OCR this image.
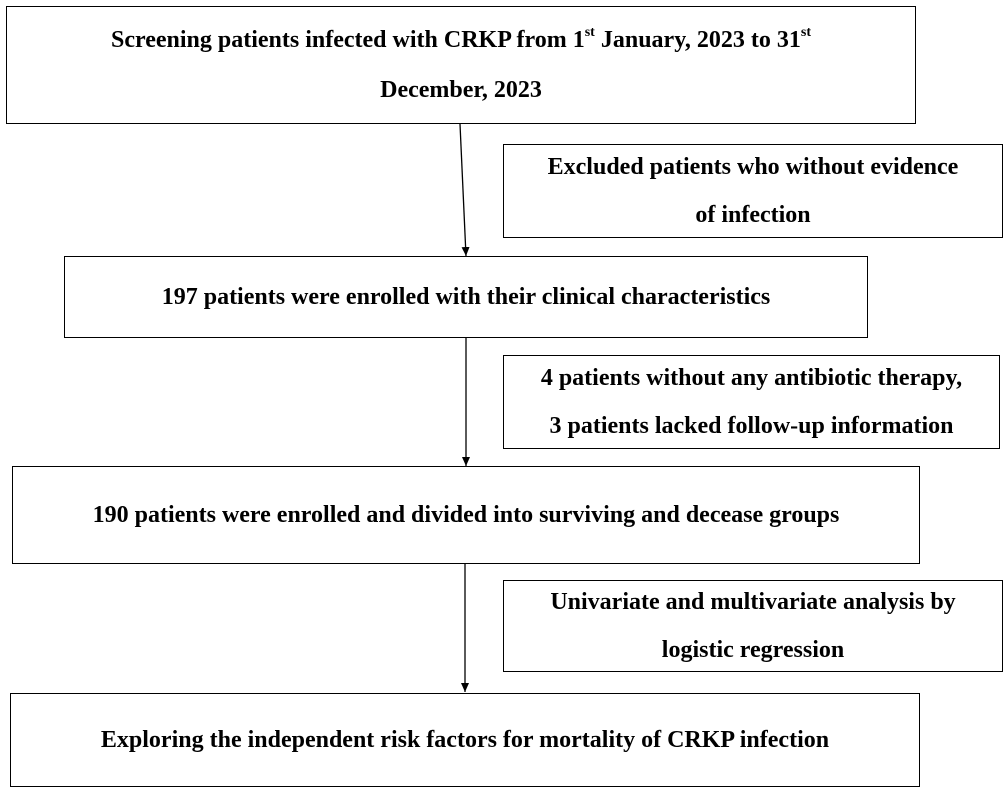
Screening patients infected with CRKP from 1st January, 2023 to 31st
December, 2023
Excluded patients who without evidence
of infection
197 patients were enrolled with their clinical characteristics
4 patients without any antibiotic therapy,
3 patients lacked follow-up information
190 patients were enrolled and divided into surviving and decease groups
Univariate and multivariate analysis by
logistic regression
Exploring the independent risk factors for mortality of CRKP infection
